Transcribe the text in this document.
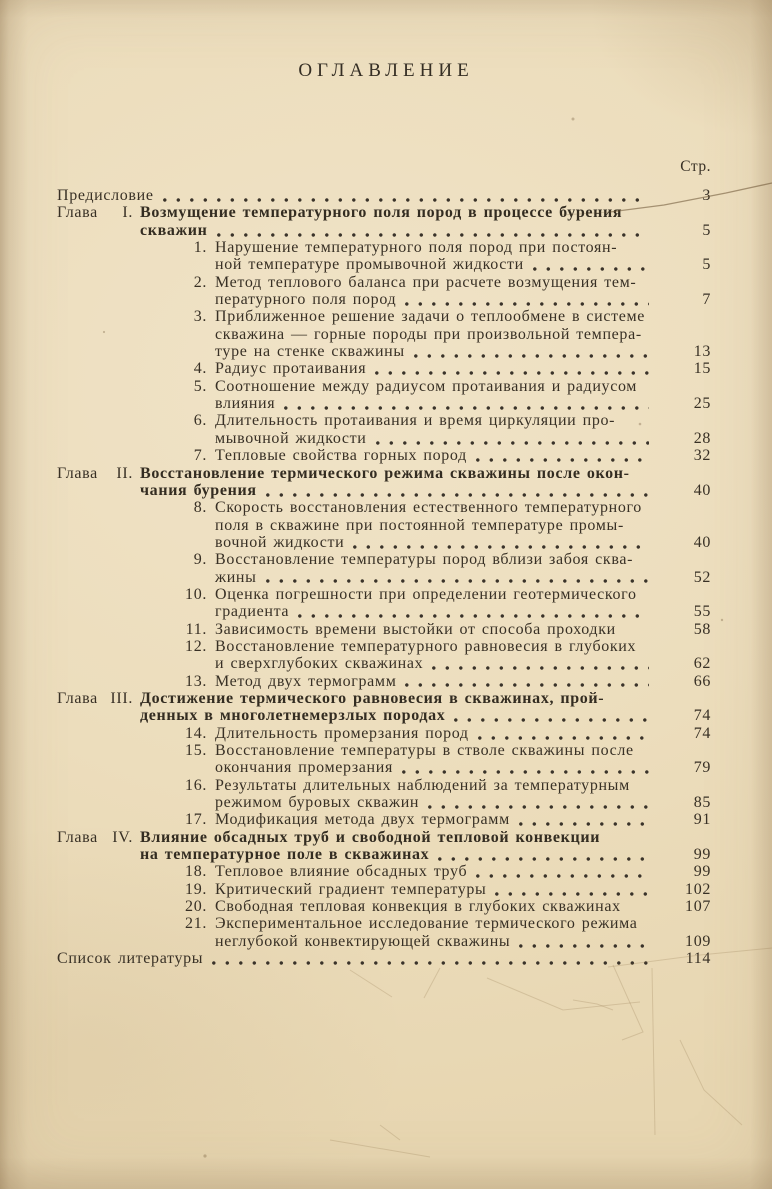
ОГЛАВЛЕНИЕ
Стр.
Предисловие	3
Глава	I. Возмущение температурного поля пород в процессе бурения
скважин	5
1. Нарушение температурного поля пород при постоян-
ной температуре промывочной жидкости	5
2. Метод теплового баланса при расчете возмущения тем-
пературного поля пород	7
3. Приближенное решение задачи о теплообмене в системе
скважина — горные породы при произвольной темпера-
туре на стенке скважины	13
4. Радиус протаивания	15
5. Соотношение между радиусом протаивания и радиусом
влияния	25
6. Длительность протаивания и время циркуляции про-
мывочной жидкости	28
7. Тепловые свойства горных пород	32
Глава	II. Восстановление термического режима скважины после окон-
чания бурения	40
8. Скорость восстановления естественного температурного
поля в скважине при постоянной температуре промы-
вочной жидкости	40
9. Восстановление температуры пород вблизи забоя сква-
жины	52
10. Оценка погрешности при определении геотермического
градиента	55
11. Зависимость времени выстойки от способа проходки	58
12. Восстановление температурного равновесия в глубоких
и сверхглубоких скважинах	62
13. Метод двух термограмм	66
Глава III. Достижение термического равновесия в скважинах, прой-
денных в многолетнемерзлых породах	74
14. Длительность промерзания пород	74
15. Восстановление температуры в стволе скважины после
окончания промерзания	79
16. Результаты длительных наблюдений за температурным
режимом буровых скважин	85
17. Модификация метода двух термограмм	91
Глава IV. Влияние обсадных труб и свободной тепловой конвекции
на температурное поле в скважинах	99
18. Тепловое влияние обсадных труб	99
19. Критический градиент температуры	102
20. Свободная тепловая конвекция в глубоких скважинах	107
21. Экспериментальное исследование термического режима
неглубокой конвектирующей скважины	109
Список литературы	114
